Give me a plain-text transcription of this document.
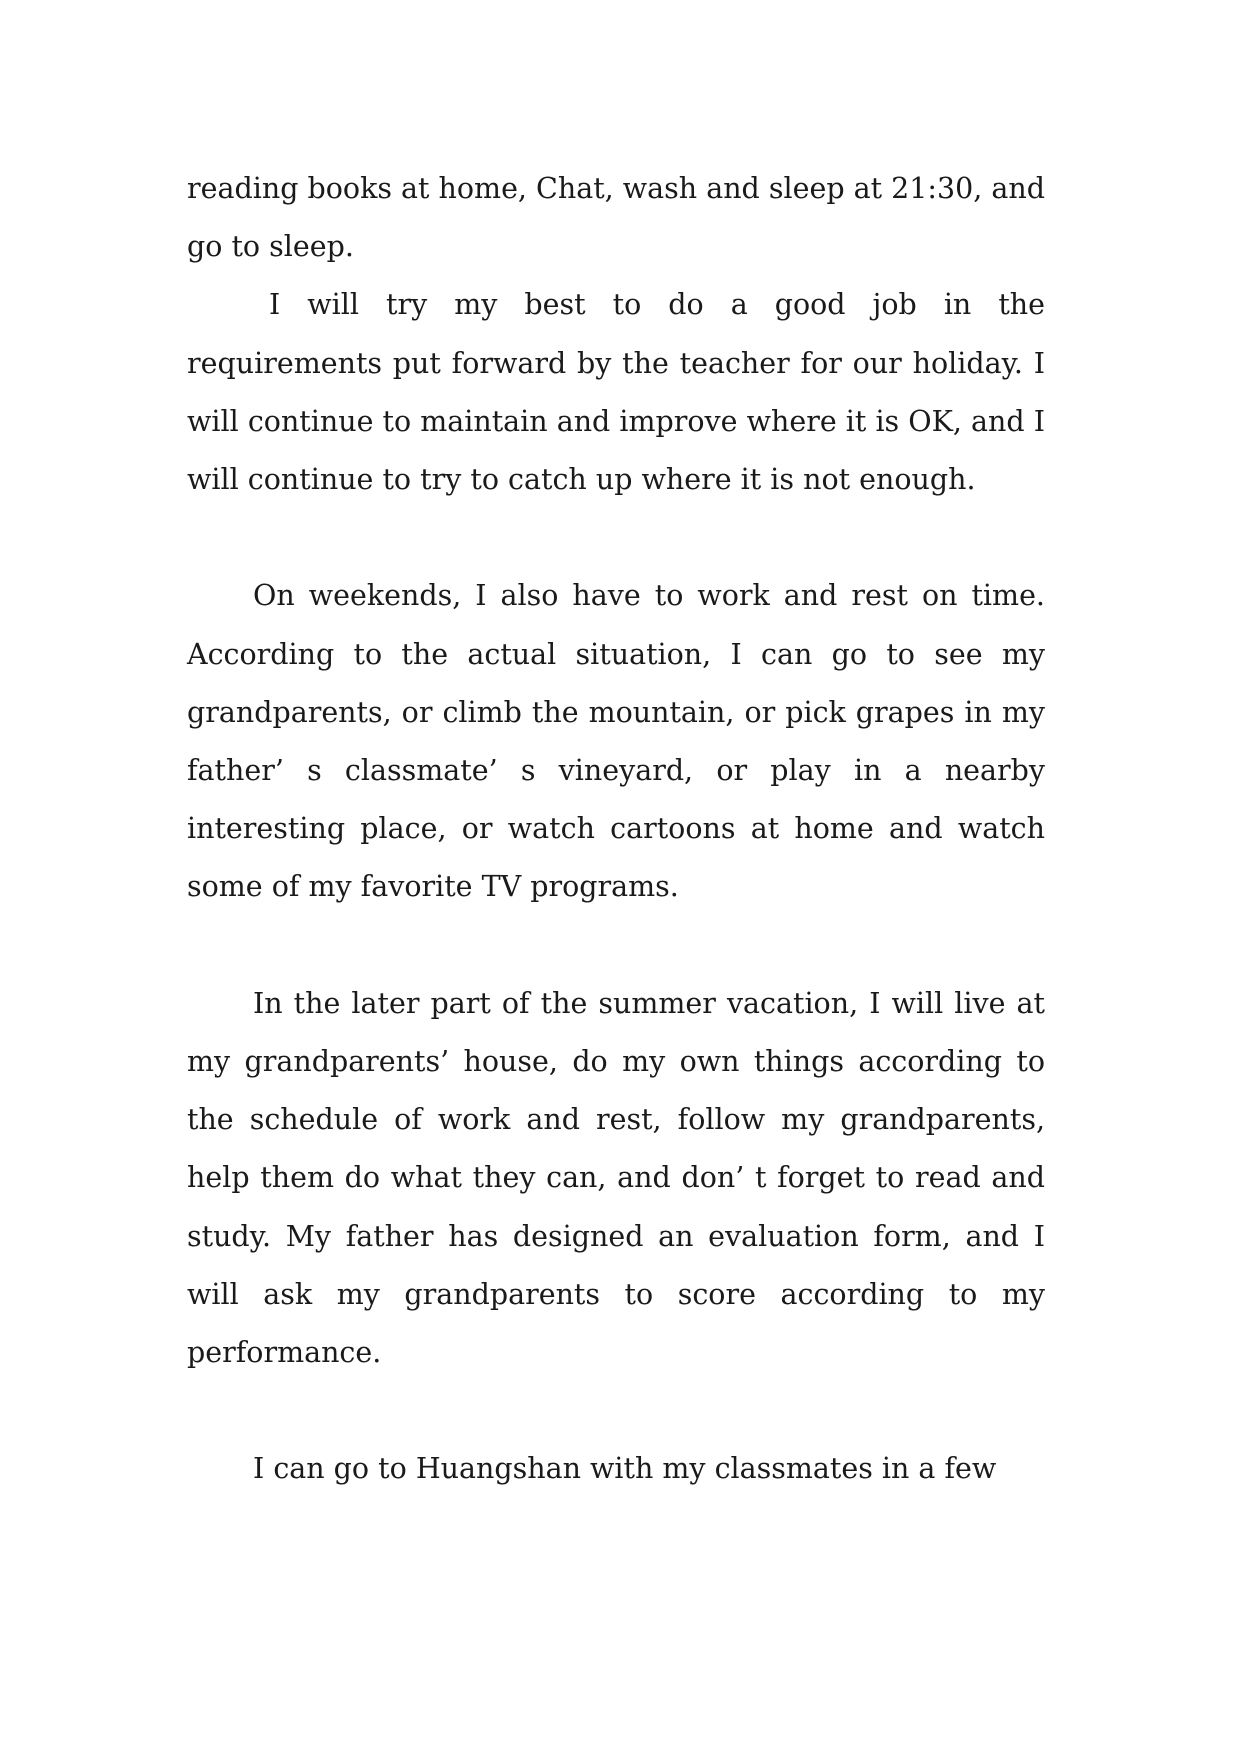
reading books at home, Chat, wash and sleep at 21:30, and go to sleep.

I will try my best to do a good job in the requirements put forward by the teacher for our holiday. I will continue to maintain and improve where it is OK, and I will continue to try to catch up where it is not enough.

On weekends, I also have to work and rest on time. According to the actual situation, I can go to see my grandparents, or climb the mountain, or pick grapes in my father’ s classmate’ s vineyard, or play in a nearby interesting place, or watch cartoons at home and watch some of my favorite TV programs.

In the later part of the summer vacation, I will live at my grandparents’ house, do my own things according to the schedule of work and rest, follow my grandparents, help them do what they can, and don’ t forget to read and study. My father has designed an evaluation form, and I will ask my grandparents to score according to my performance.

I can go to Huangshan with my classmates in a few
